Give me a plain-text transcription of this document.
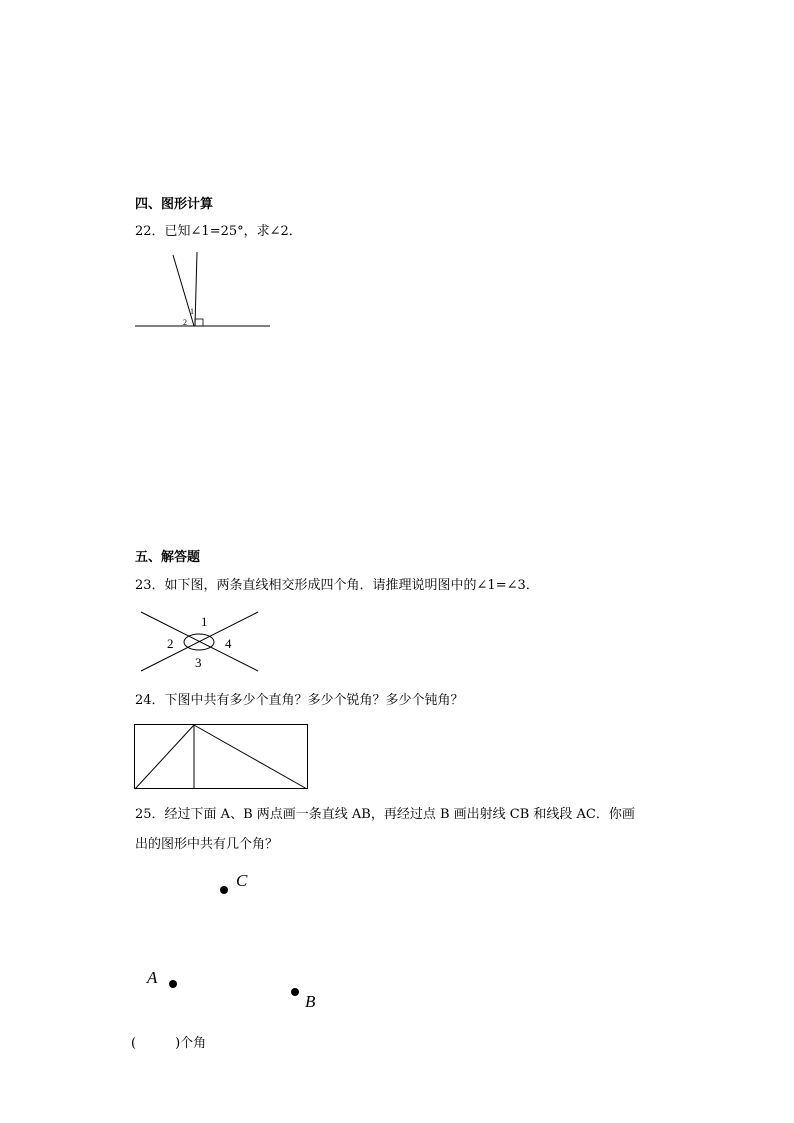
四、图形计算
22．已知∠1=25°，求∠2．
1
2
五、解答题
23．如下图，两条直线相交形成四个角．请推理说明图中的∠1=∠3．
1
2
3
4
24．下图中共有多少个直角？多少个锐角？多少个钝角？
25．经过下面 A、B 两点画一条直线 AB，再经过点 B 画出射线 CB 和线段 AC．你画
出的图形中共有几个角？
C
A
B
(　　　)个角
